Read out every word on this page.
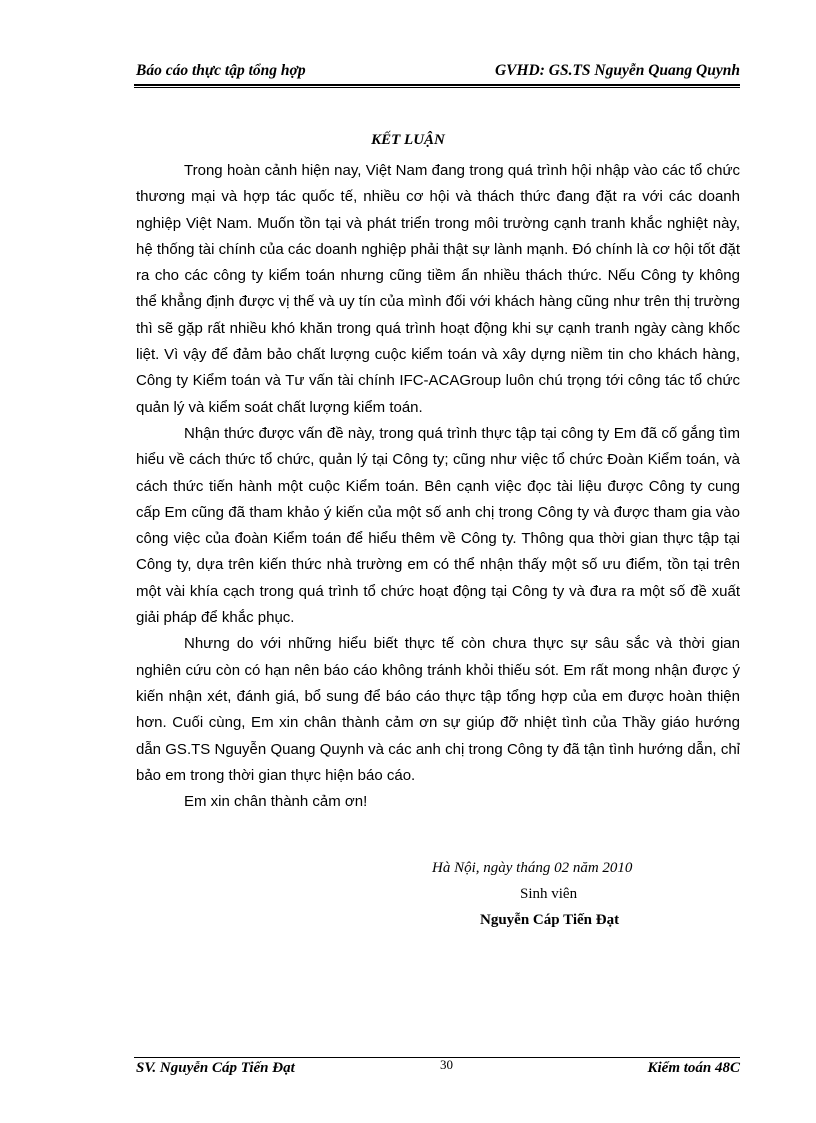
Báo cáo thực tập tổng hợp	GVHD: GS.TS Nguyễn Quang Quynh
KẾT LUẬN

Trong hoàn cảnh hiện nay, Việt Nam đang trong quá trình hội nhập vào các tổ chức thương mại và hợp tác quốc tế, nhiều cơ hội và thách thức đang đặt ra với các doanh nghiệp Việt Nam. Muốn tồn tại và phát triển trong môi trường cạnh tranh khắc nghiệt này, hệ thống tài chính của các doanh nghiệp phải thật sự lành mạnh. Đó chính là cơ hội tốt đặt ra cho các công ty kiểm toán nhưng cũng tiềm ẩn nhiều thách thức. Nếu Công ty không thể khẳng định được vị thế và uy tín của mình đối với khách hàng cũng như trên thị trường thì sẽ gặp rất nhiều khó khăn trong quá trình hoạt động khi sự cạnh tranh ngày càng khốc liệt. Vì vậy để đảm bảo chất lượng cuộc kiểm toán và xây dựng niềm tin cho khách hàng, Công ty Kiểm toán và Tư vấn tài chính IFC-ACAGroup luôn chú trọng tới công tác tổ chức quản lý và kiểm soát chất lượng kiểm toán.

Nhận thức được vấn đề này, trong quá trình thực tập tại công ty Em đã cố gắng tìm hiểu về cách thức tổ chức, quản lý tại Công ty; cũng như việc tổ chức Đoàn Kiểm toán, và cách thức tiến hành một cuộc Kiểm toán. Bên cạnh việc đọc tài liệu được Công ty cung cấp Em cũng đã tham khảo ý kiến của một số anh chị trong Công ty và được tham gia vào công việc của đoàn Kiểm toán để hiểu thêm về Công ty. Thông qua thời gian thực tập tại Công ty, dựa trên kiến thức nhà trường em có thể nhận thấy một số ưu điểm, tồn tại trên một vài khía cạch trong quá trình tổ chức hoạt động tại Công ty và đưa ra một số đề xuất giải pháp để khắc phục.

Nhưng do với những hiểu biết thực tế còn chưa thực sự sâu sắc và thời gian nghiên cứu còn có hạn nên báo cáo không tránh khỏi thiếu sót. Em rất mong nhận được ý kiến nhận xét, đánh giá, bổ sung để báo cáo thực tập tổng hợp của em được hoàn thiện hơn. Cuối cùng, Em xin chân thành cảm ơn sự giúp đỡ nhiệt tình của Thầy giáo hướng dẫn GS.TS Nguyễn Quang Quynh và các anh chị trong Công ty đã tận tình hướng dẫn, chỉ bảo em trong thời gian thực hiện báo cáo.

Em xin chân thành cảm ơn!

Hà Nội, ngày tháng 02 năm 2010
Sinh viên
Nguyễn Cáp Tiến Đạt
SV. Nguyễn Cáp Tiến Đạt	30	Kiểm toán 48C
